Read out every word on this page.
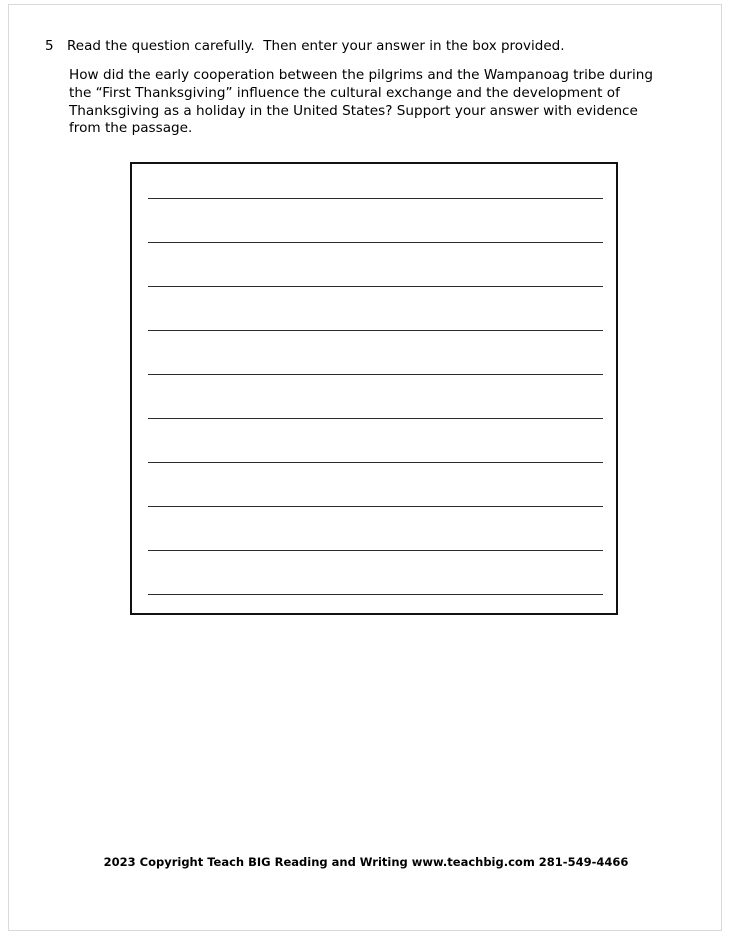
5 Read the question carefully.  Then enter your answer in the box provided.
How did the early cooperation between the pilgrims and the Wampanoag tribe during the “First Thanksgiving” influence the cultural exchange and the development of Thanksgiving as a holiday in the United States? Support your answer with evidence from the passage.
2023 Copyright Teach BIG Reading and Writing www.teachbig.com 281-549-4466
